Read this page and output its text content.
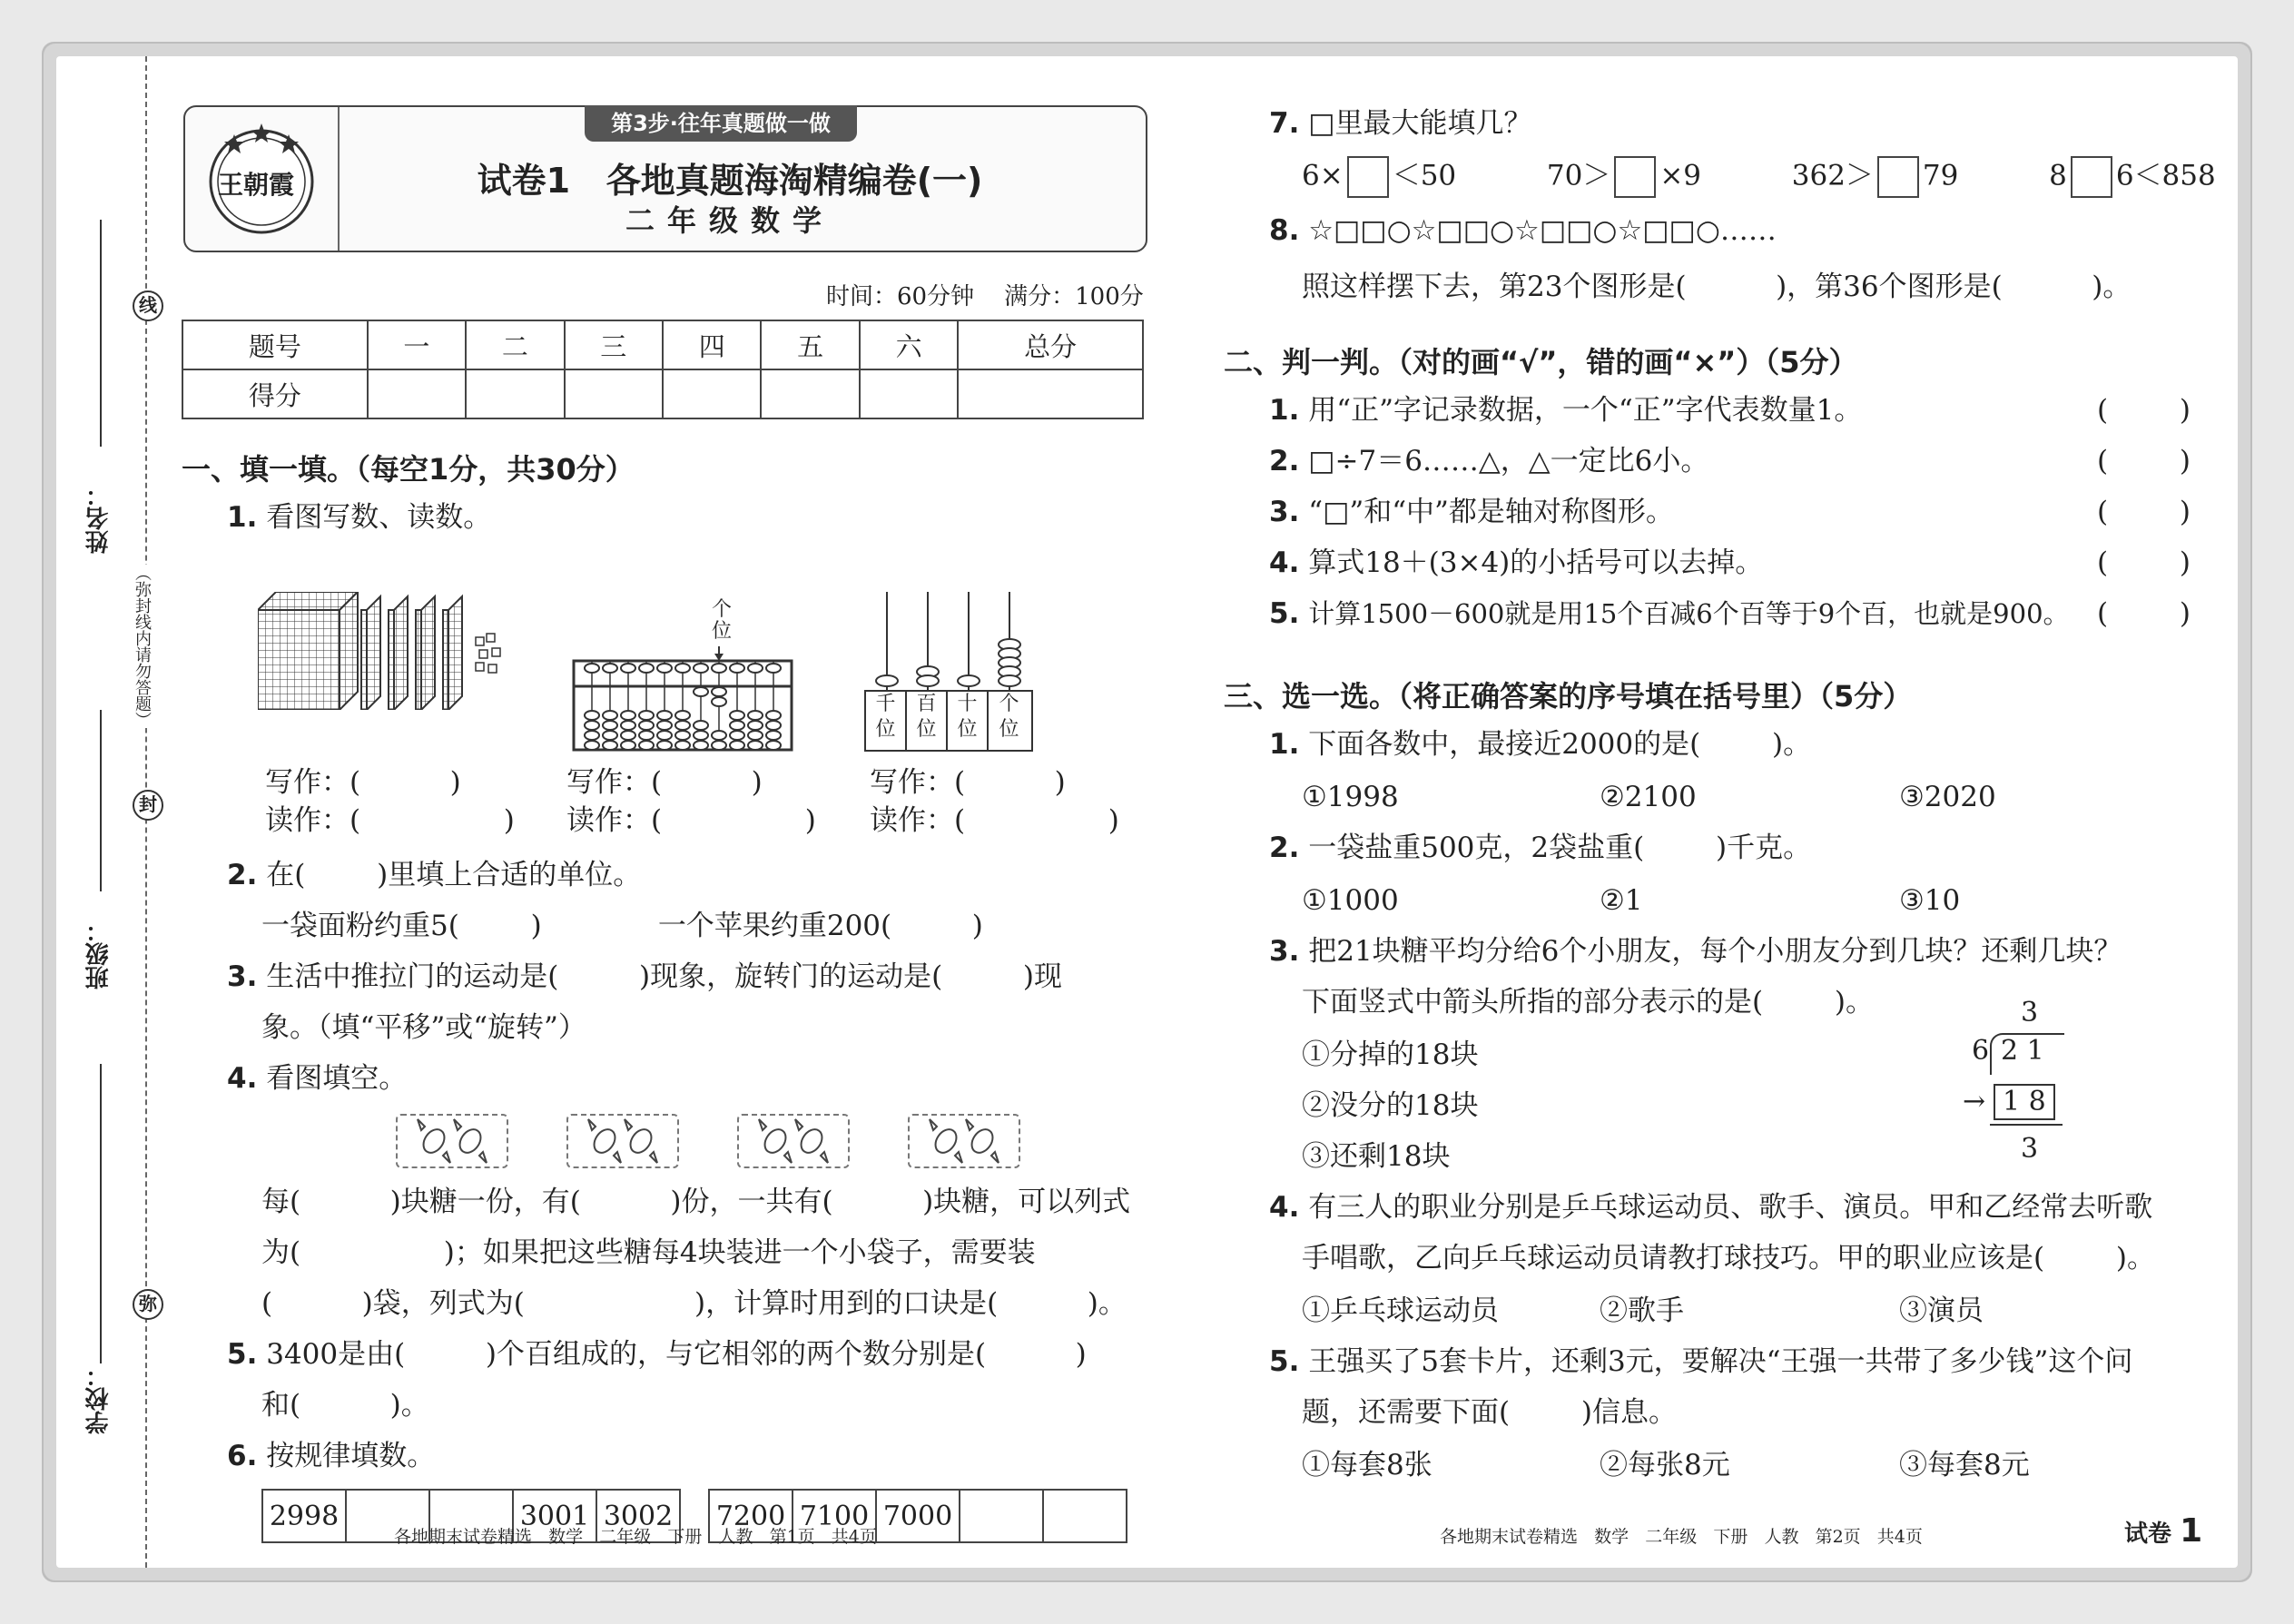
线
封
弥
姓名：
班级：
学校：
（弥封线内请勿答题）
王朝霞
第3步·往年真题做一做
试卷1   各地真题海淘精编卷(一)
二年级数学
时间：60分钟    满分：100分
题号	一	二	三	四	五	六	总分
得分							
一、填一填。（每空1分，共30分）
1. 看图写数、读数。
个位
千位
百位
十位
个位
写作：(          )
读作：(                )
写作：(          )
读作：(                )
写作：(          )
读作：(                )
2. 在(        )里填上合适的单位。
一袋面粉约重5(        )             一个苹果约重200(         )
3. 生活中推拉门的运动是(         )现象，旋转门的运动是(         )现
象。（填“平移”或“旋转”）
4. 看图填空。
每(          )块糖一份，有(          )份，一共有(          )块糖，可以列式
为(                )；如果把这些糖每4块装进一个小袋子，需要装
(          )袋，列式为(                   )，计算时用到的口诀是(          )。
5. 3400是由(         )个百组成的，与它相邻的两个数分别是(          )
和(          )。
6. 按规律填数。
2998			3001	3002 7200	7100	7000		
各地期末试卷精选   数学   二年级   下册   人教   第1页   共4页
7. □里最大能填几？
6× ＜50	70＞ ×9	362＞ 79	8 6＜858
8. ☆□□○☆□□○☆□□○☆□□○……
照这样摆下去，第23个图形是(          )，第36个图形是(          )。
二、判一判。（对的画“√”，错的画“×”）（5分）
1. 用“正”字记录数据，一个“正”字代表数量1。	(        )
2. □÷7＝6……△，△一定比6小。	(        )
3. “□”和“中”都是轴对称图形。	(        )
4. 算式18＋(3×4)的小括号可以去掉。	(        )
5. 计算1500－600就是用15个百减6个百等于9个百，也就是900。 (        )
三、选一选。（将正确答案的序号填在括号里）（5分）
1. 下面各数中，最接近2000的是(        )。
①1998	②2100	③2020
2. 一袋盐重500克，2袋盐重(        )千克。
①1000	②1	③10
3. 把21块糖平均分给6个小朋友，每个小朋友分到几块？还剩几块？
下面竖式中箭头所指的部分表示的是(        )。
①分掉的18块
②没分的18块
③还剩18块
3
6 2 1
→ 1 8
3
4. 有三人的职业分别是乒乓球运动员、歌手、演员。甲和乙经常去听歌
手唱歌，乙向乒乓球运动员请教打球技巧。甲的职业应该是(        )。
①乒乓球运动员	②歌手	③演员
5. 王强买了5套卡片，还剩3元，要解决“王强一共带了多少钱”这个问
题，还需要下面(        )信息。
①每套8张	②每张8元	③每套8元
各地期末试卷精选   数学   二年级   下册   人教   第2页   共4页	试卷 1
